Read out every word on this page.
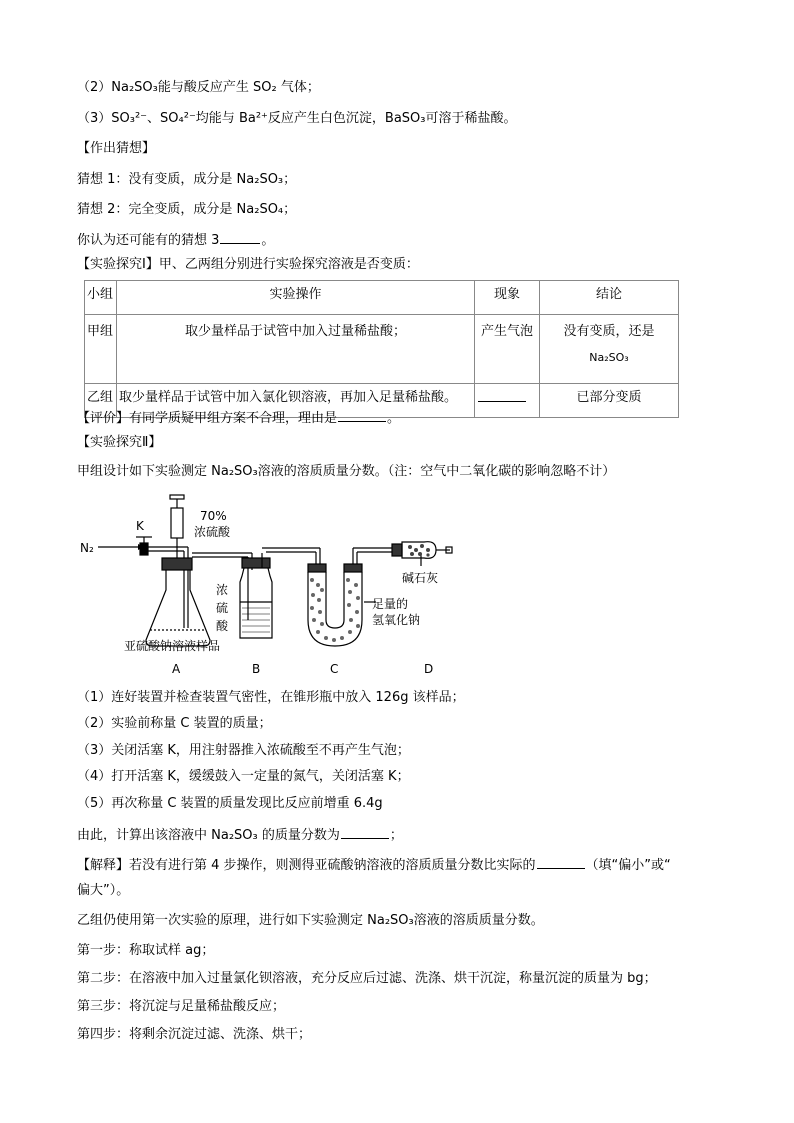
（2）Na₂SO₃能与酸反应产生 SO₂ 气体；
（3）SO₃²⁻、SO₄²⁻均能与 Ba²⁺反应产生白色沉淀，BaSO₃可溶于稀盐酸。
【作出猜想】
猜想 1：没有变质，成分是 Na₂SO₃；
猜想 2：完全变质，成分是 Na₂SO₄；
你认为还可能有的猜想 3	。
【实验探究Ⅰ】甲、乙两组分别进行实验探究溶液是否变质：
小组	实验操作	现象	结论
甲组	取少量样品于试管中加入过量稀盐酸；	产生气泡	没有变质，还是
Na₂SO₃

乙组	取少量样品于试管中加入氯化钡溶液，再加入足量稀盐酸。		已部分变质
【评价】有同学质疑甲组方案不合理，理由是	。
【实验探究Ⅱ】
甲组设计如下实验测定 Na₂SO₃溶液的溶质质量分数。（注：空气中二氧化碳的影响忽略不计）
N₂
K
70%
浓硫酸
浓
硫
酸
碱石灰
足量的
氢氧化钠
亚硫酸钠溶液样品
A	B	C	D
（1）连好装置并检查装置气密性，在锥形瓶中放入 126g 该样品；
（2）实验前称量 C 装置的质量；
（3）关闭活塞 K，用注射器推入浓硫酸至不再产生气泡；
（4）打开活塞 K，缓缓鼓入一定量的氮气，关闭活塞 K；
（5）再次称量 C 装置的质量发现比反应前增重 6.4g
由此，计算出该溶液中 Na₂SO₃ 的质量分数为	；
【解释】若没有进行第 4 步操作，则测得亚硫酸钠溶液的溶质质量分数比实际的	（填“偏小”或“
偏大”）。
乙组仍使用第一次实验的原理，进行如下实验测定 Na₂SO₃溶液的溶质质量分数。
第一步：称取试样 ag；
第二步：在溶液中加入过量氯化钡溶液，充分反应后过滤、洗涤、烘干沉淀，称量沉淀的质量为 bg；
第三步：将沉淀与足量稀盐酸反应；
第四步：将剩余沉淀过滤、洗涤、烘干；
